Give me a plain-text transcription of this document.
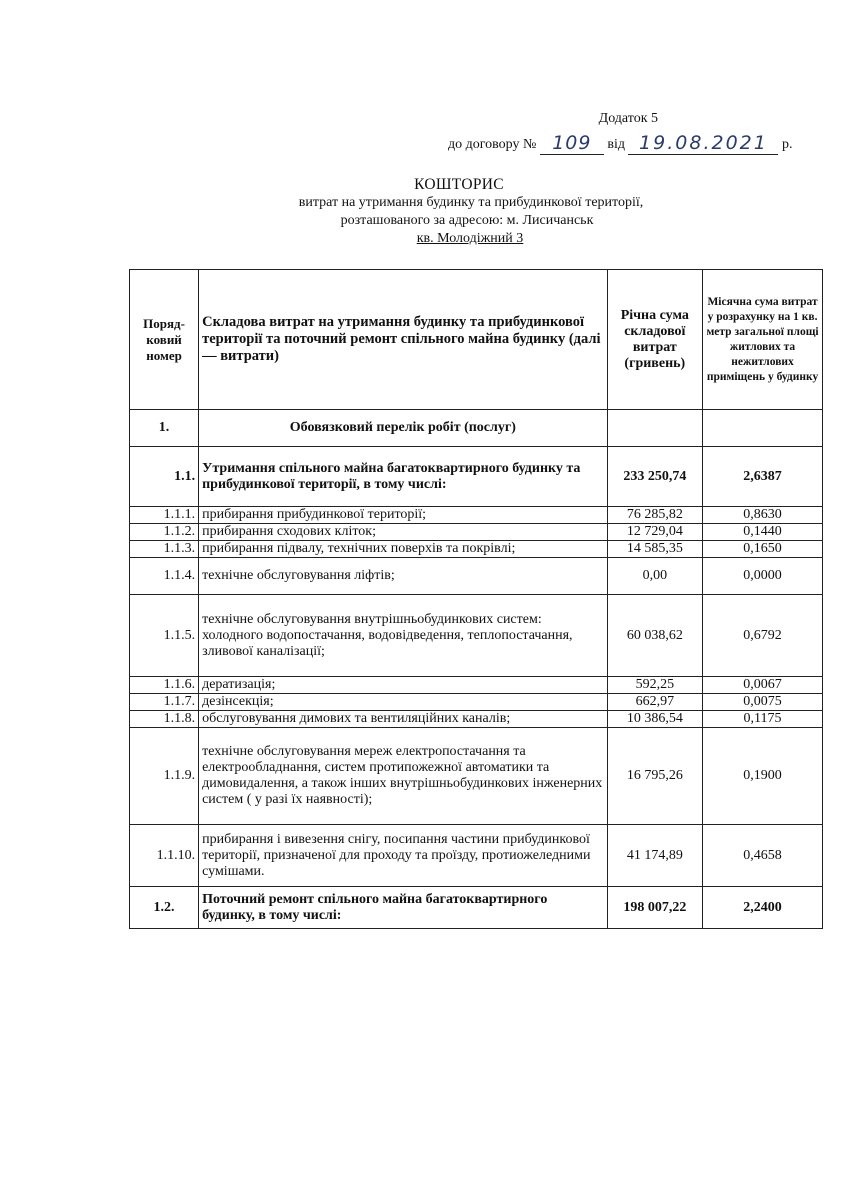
Додаток 5
до договору № 109 від 19.08.2021 р.
КОШТОРИС
витрат на утримання будинку та прибудинкової території,
розташованого за адресою: м. Лисичанськ
кв. Молодіжний 3
Поряд-ковий номер	Складова витрат на утримання будинку та прибудинкової території та поточний ремонт спільного майна будинку (далі — витрати)	Річна сума складової витрат (гривень)	Місячна сума витрат у розрахунку на 1 кв. метр загальної площі житлових та нежитлових приміщень у будинку
1.	Обовязковий перелік робіт (послуг)		
1.1.	Утримання спільного майна багатоквартирного будинку та прибудинкової території, в тому числі:	233 250,74	2,6387
1.1.1.	прибирання прибудинкової території;	76 285,82	0,8630
1.1.2.	прибирання сходових кліток;	12 729,04	0,1440
1.1.3.	прибирання підвалу, технічних поверхів та покрівлі;	14 585,35	0,1650
1.1.4.	технічне обслуговування ліфтів;	0,00	0,0000
1.1.5.	технічне обслуговування внутрішньобудинкових систем: холодного водопостачання, водовідведення, теплопостачання, зливової каналізації;	60 038,62	0,6792
1.1.6.	дератизація;	592,25	0,0067
1.1.7.	дезінсекція;	662,97	0,0075
1.1.8.	обслуговування димових та вентиляційних каналів;	10 386,54	0,1175
1.1.9.	технічне обслуговування мереж електропостачання та електрообладнання, систем протипожежної автоматики та димовидалення, а також інших внутрішньобудинкових інженерних систем ( у разі їх наявності);	16 795,26	0,1900
1.1.10.	прибирання і вивезення снігу, посипання частини прибудинкової території, призначеної для проходу та проїзду, протиожеледними сумішами.	41 174,89	0,4658
1.2.	Поточний ремонт спільного майна багатоквартирного будинку, в тому числі:	198 007,22	2,2400
